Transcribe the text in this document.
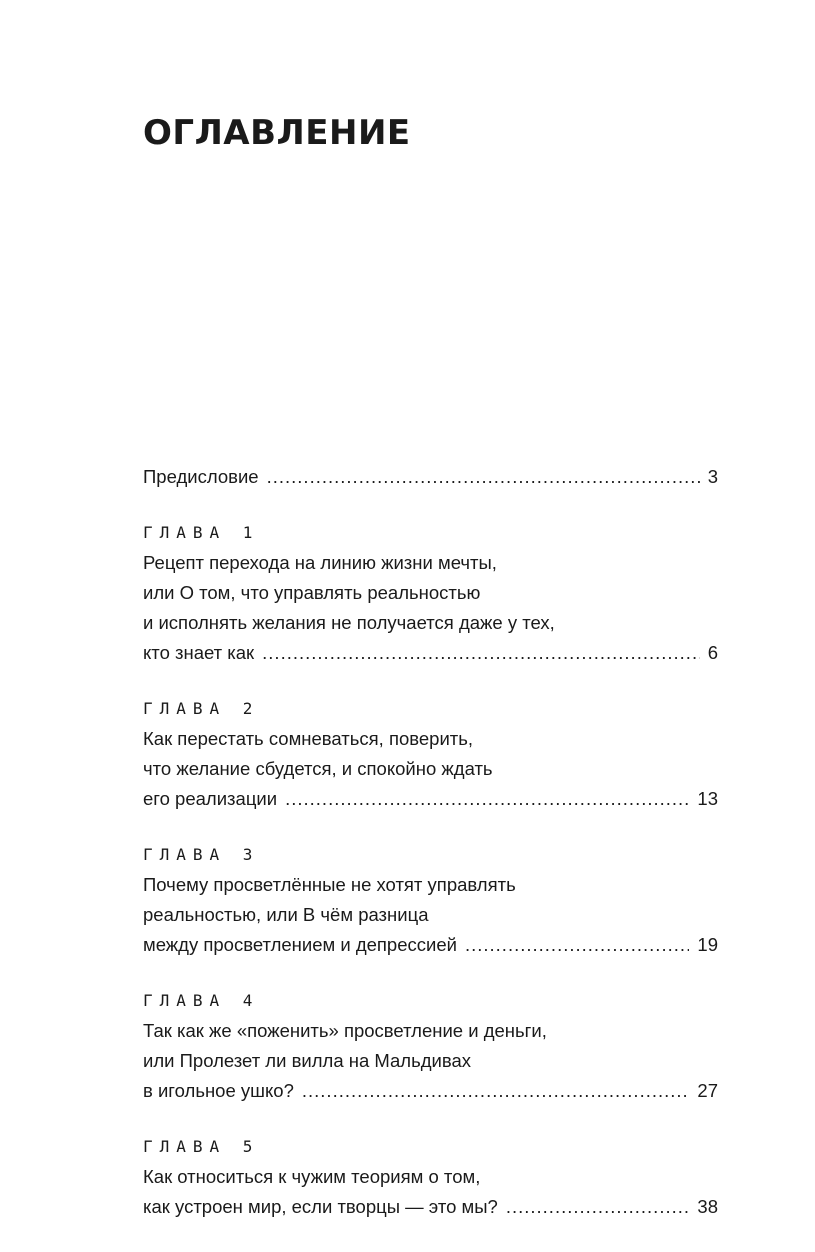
ОГЛАВЛЕНИЕ
Предисловие .....	3
ГЛАВА 1
Рецепт перехода на линию жизни мечты,
или О том, что управлять реальностью
и исполнять желания не получается даже у тех,
кто знает как .....	6
ГЛАВА 2
Как перестать сомневаться, поверить,
что желание сбудется, и спокойно ждать
его реализации .....	13
ГЛАВА 3
Почему просветлённые не хотят управлять
реальностью, или В чём разница
между просветлением и депрессией .....	19
ГЛАВА 4
Так как же «поженить» просветление и деньги,
или Пролезет ли вилла на Мальдивах
в игольное ушко? .....	27
ГЛАВА 5
Как относиться к чужим теориям о том,
как устроен мир, если творцы — это мы? .....	38
